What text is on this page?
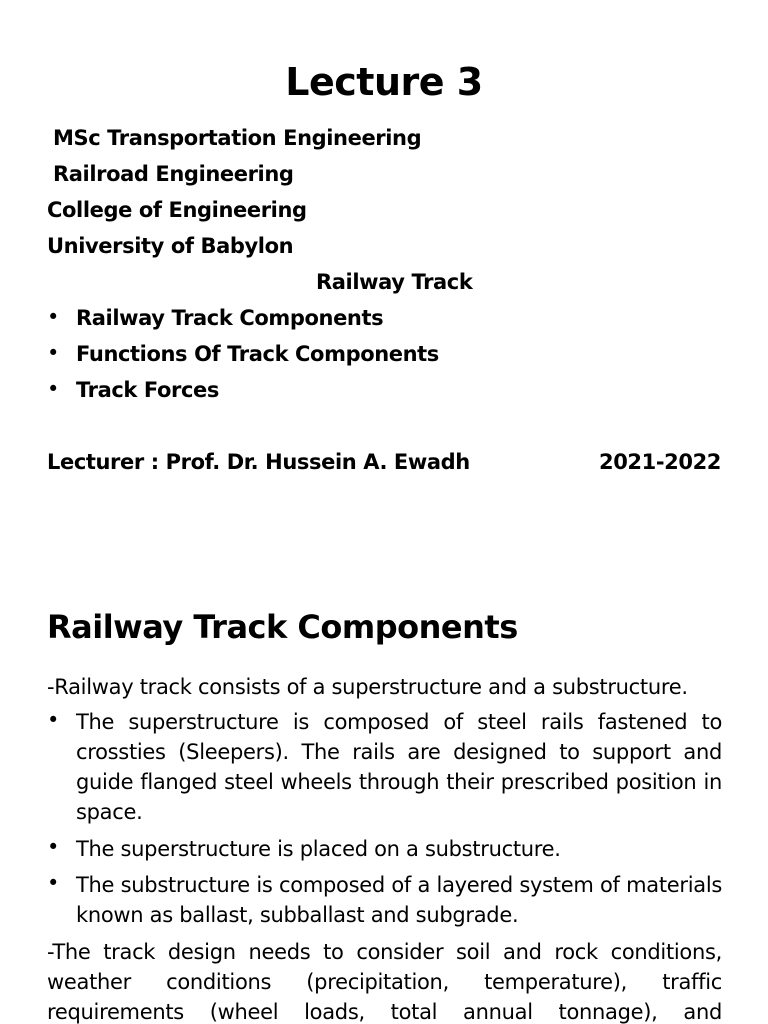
Lecture 3
MSc Transportation Engineering
Railroad Engineering
College of Engineering
University of Babylon
Railway Track
• Railway Track Components
• Functions Of Track Components
• Track Forces
Lecturer : Prof. Dr. Hussein A. Ewadh	2021-2022
Railway Track Components
-Railway track consists of a superstructure and a substructure.
• The superstructure is composed of steel rails fastened to crossties (Sleepers). The rails are designed to support and guide flanged steel wheels through their prescribed position in space.
• The superstructure is placed on a substructure.
• The substructure is composed of a layered system of materials known as ballast, subballast and subgrade.
-The track design needs to consider soil and rock conditions, weather conditions (precipitation, temperature), traffic requirements (wheel loads, total annual tonnage), and
